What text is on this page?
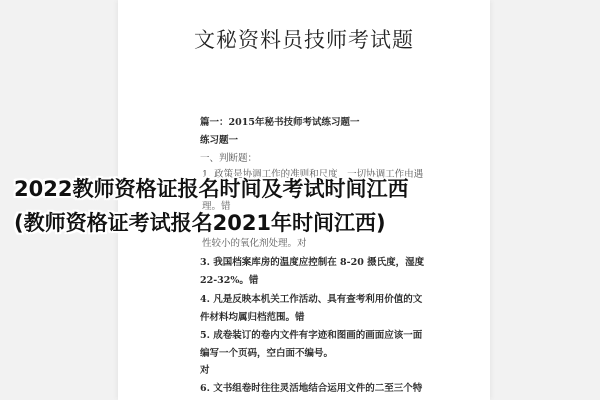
文秘资料员技师考试题
篇一：2015年秘书技师考试练习题一
练习题一
一、判断题：
1. 政策是协调工作的准则和尺度，一切协调工作由遇
理。错
性较小的氧化剂处理。对
3. 我国档案库房的温度应控制在 8-20 摄氏度，湿度
22-32%。错
4. 凡是反映本机关工作活动、具有查考利用价值的文
件材料均属归档范围。错
5. 成卷装订的卷内文件有字迹和图画的画面应该一面
编写一个页码，空白面不编号。
对
6. 文书组卷时往往灵活地结合运用文件的二至三个特
2022教师资格证报名时间及考试时间江西
(教师资格证考试报名2021年时间江西)
